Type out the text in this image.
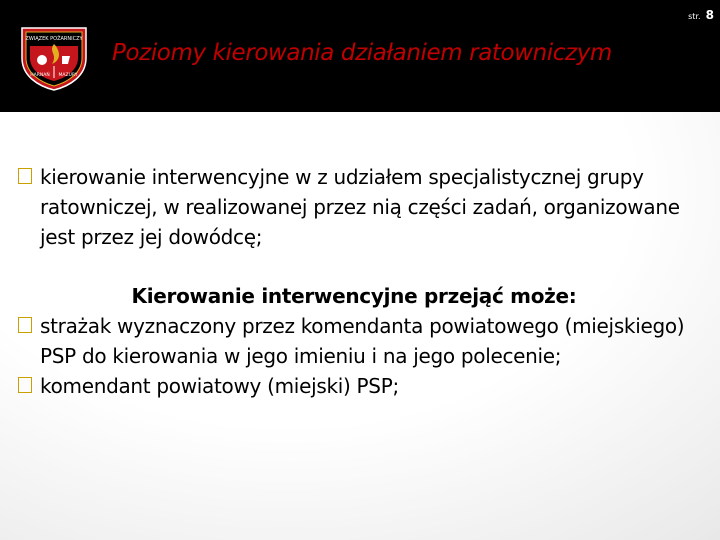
str. 8
ZWIĄZEK POŻARNICZY
HARNAŃ MAZURY
Poziomy kierowania działaniem ratowniczym
kierowanie interwencyjne w z udziałem specjalistycznej grupy ratowniczej, w realizowanej przez nią części zadań, organizowane jest przez jej dowódcę;
Kierowanie interwencyjne przejąć może:
strażak wyznaczony przez komendanta powiatowego (miejskiego) PSP do kierowania w jego imieniu i na jego polecenie;
komendant powiatowy (miejski) PSP;
